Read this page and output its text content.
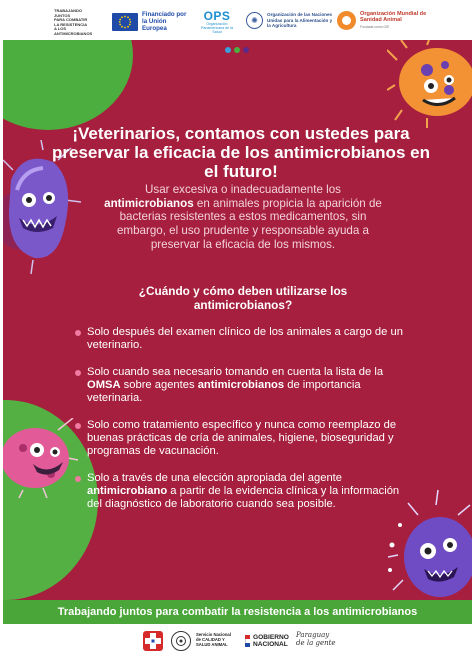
TRABAJANDO
JUNTOS
PARA COMBATIR
LA RESISTENCIA
A LOS ANTIMICROBIANOS
Financiado por la Unión Europea
OPS
Organización Panamericana de la Salud
✺
Organización de las Naciones Unidas para la Alimentación y la Agricultura
Organización Mundial de Sanidad Animal
Fundada como OIE
¡Veterinarios, contamos con ustedes para preservar la eficacia de los antimicrobianos en el futuro!
Usar excesiva o inadecuadamente los antimicrobianos en animales propicia la aparición de bacterias resistentes a estos medicamentos, sin embargo, el uso prudente y responsable ayuda a preservar la eficacia de los mismos.
¿Cuándo y cómo deben utilizarse los antimicrobianos?
Solo después del examen clínico de los animales a cargo de un veterinario.
Solo cuando sea necesario tomando en cuenta la lista de la OMSA sobre agentes antimicrobianos de importancia veterinaria.
Solo como tratamiento específico y nunca como reemplazo de buenas prácticas de cría de animales, higiene, bioseguridad y programas de vacunación.
Solo a través de una elección apropiada del agente antimicrobiano a partir de la evidencia clínica y la información del diagnóstico de laboratorio cuando sea posible.
Trabajando juntos para combatir la resistencia a los antimicrobianos
Servicio Nacional de CALIDAD Y SALUD ANIMAL
GOBIERNO
NACIONAL
Paraguay
de la gente
